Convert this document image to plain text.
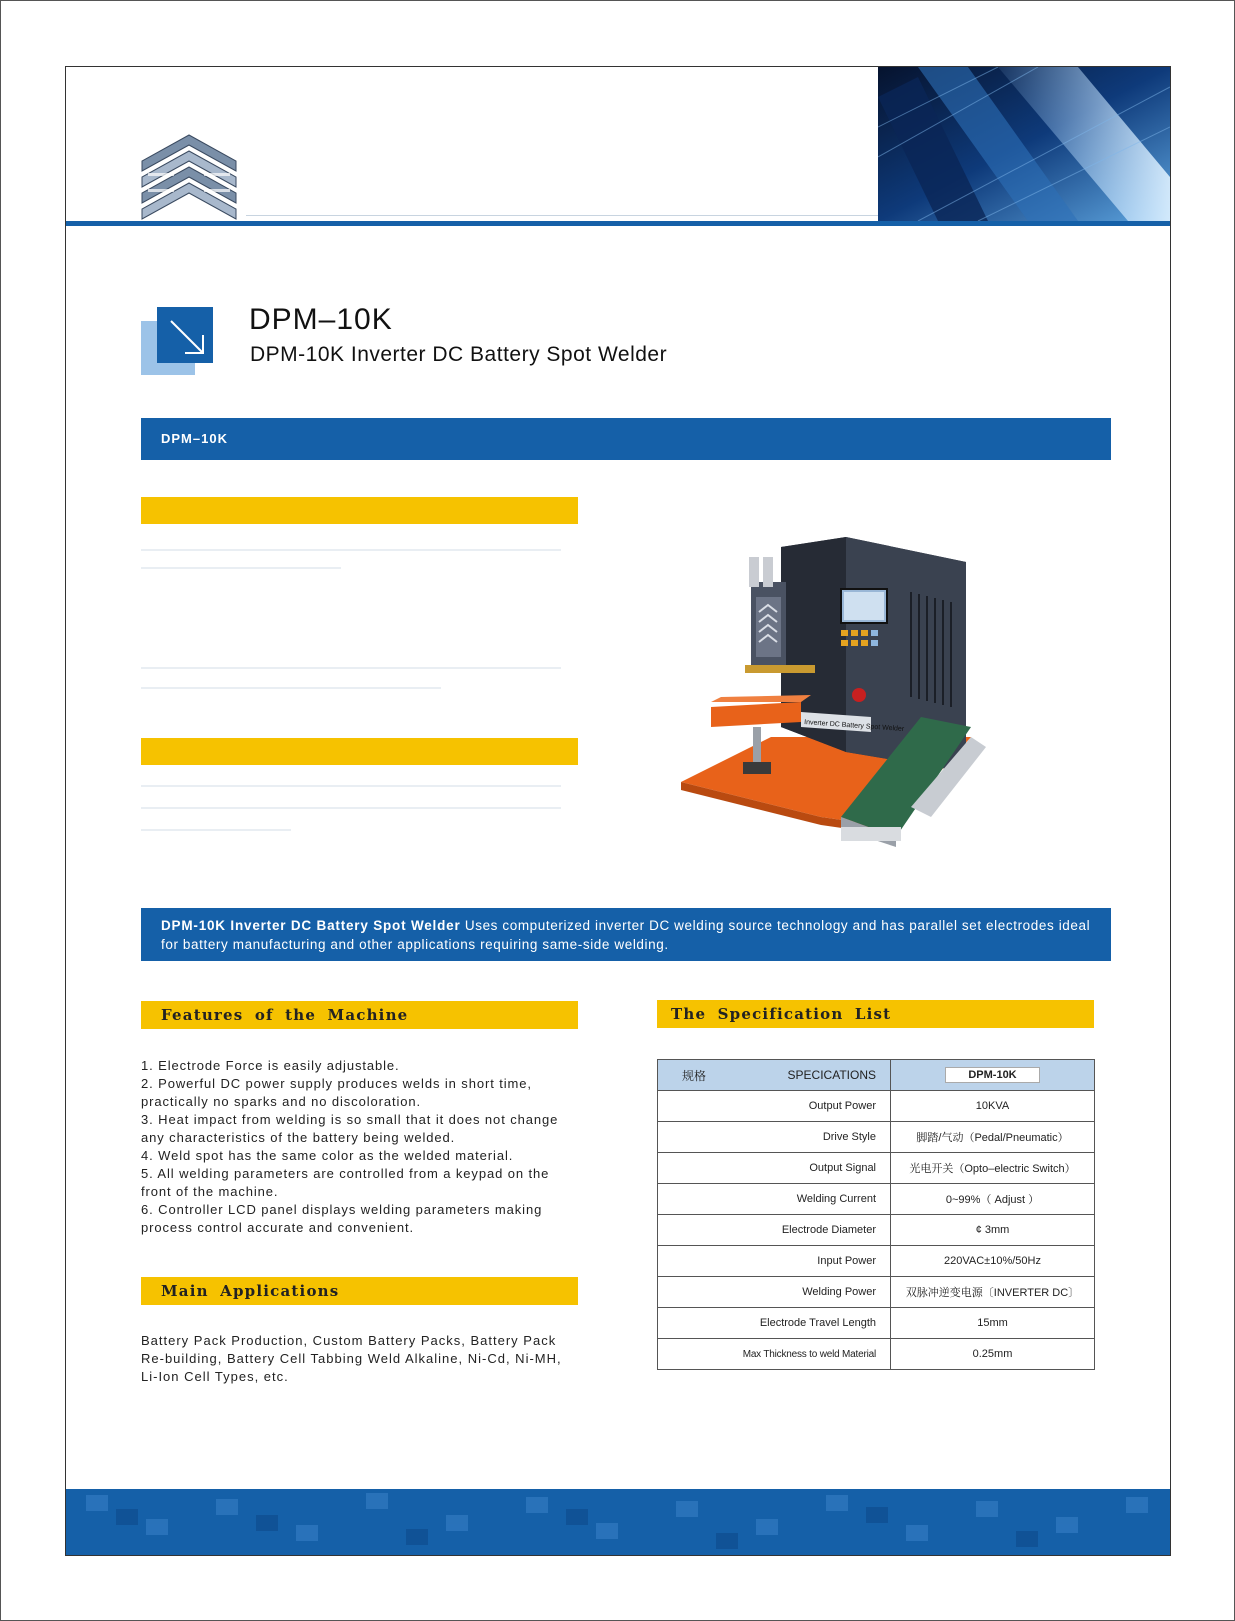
DPM–10K
DPM-10K Inverter DC Battery Spot Welder
DPM–10K
Inverter DC Battery Spot Welder
DPM-10K Inverter DC Battery Spot Welder Uses computerized inverter DC welding source technology and has parallel set electrodes ideal for battery manufacturing and other applications requiring same-side welding.
Features of the Machine
1. Electrode Force is easily adjustable.
2. Powerful DC power supply produces welds in short time, practically no sparks and no discoloration.
3. Heat impact from welding is so small that it does not change any characteristics of the battery being welded.
4. Weld spot has the same color as the welded material.
5. All welding parameters are controlled from a keypad on the front of the machine.
6. Controller LCD panel displays welding parameters making process control accurate and convenient.
Main Applications
Battery Pack Production, Custom Battery Packs, Battery Pack Re-building, Battery Cell Tabbing Weld Alkaline, Ni-Cd, Ni-MH, Li-Ion Cell Types, etc.
The Specification List
规格 SPECICATIONS	DPM-10K
Output Power	10KVA
Drive Style	脚踏/气动（Pedal/Pneumatic）
Output Signal	光电开关（Opto–electric Switch）
Welding Current	0~99%（ Adjust ）
Electrode Diameter	¢ 3mm
Input Power	220VAC±10%/50Hz
Welding Power	双脉冲逆变电源〔INVERTER DC〕
Electrode Travel Length	15mm
Max Thickness to weld Material	0.25mm
